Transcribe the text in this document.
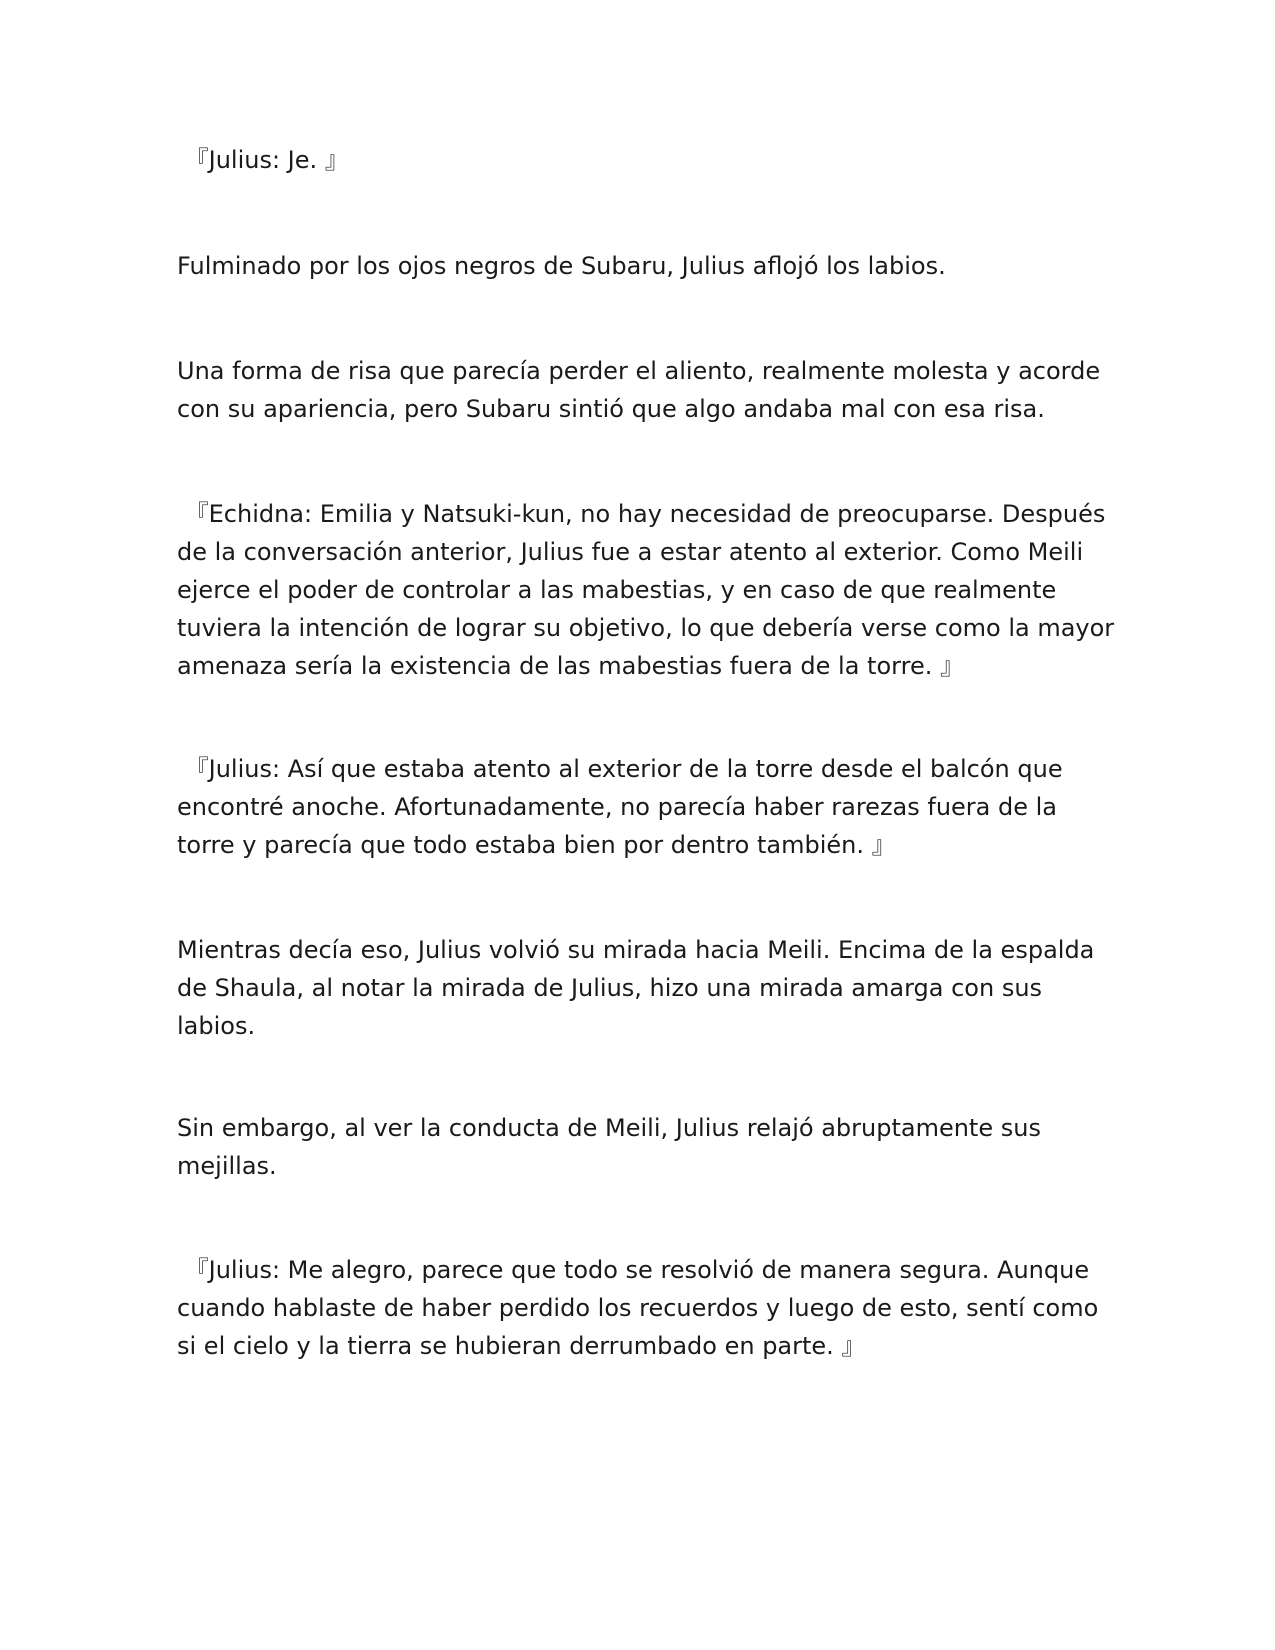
『Julius: Je. 』

Fulminado por los ojos negros de Subaru, Julius aflojó los labios.

Una forma de risa que parecía perder el aliento, realmente molesta y acorde con su apariencia, pero Subaru sintió que algo andaba mal con esa risa.

『Echidna: Emilia y Natsuki-kun, no hay necesidad de preocuparse. Después de la conversación anterior, Julius fue a estar atento al exterior. Como Meili ejerce el poder de controlar a las mabestias, y en caso de que realmente tuviera la intención de lograr su objetivo, lo que debería verse como la mayor amenaza sería la existencia de las mabestias fuera de la torre. 』

『Julius: Así que estaba atento al exterior de la torre desde el balcón que encontré anoche. Afortunadamente, no parecía haber rarezas fuera de la torre y parecía que todo estaba bien por dentro también. 』

Mientras decía eso, Julius volvió su mirada hacia Meili. Encima de la espalda de Shaula, al notar la mirada de Julius, hizo una mirada amarga con sus labios.

Sin embargo, al ver la conducta de Meili, Julius relajó abruptamente sus mejillas.

『Julius: Me alegro, parece que todo se resolvió de manera segura. Aunque cuando hablaste de haber perdido los recuerdos y luego de esto, sentí como si el cielo y la tierra se hubieran derrumbado en parte. 』
